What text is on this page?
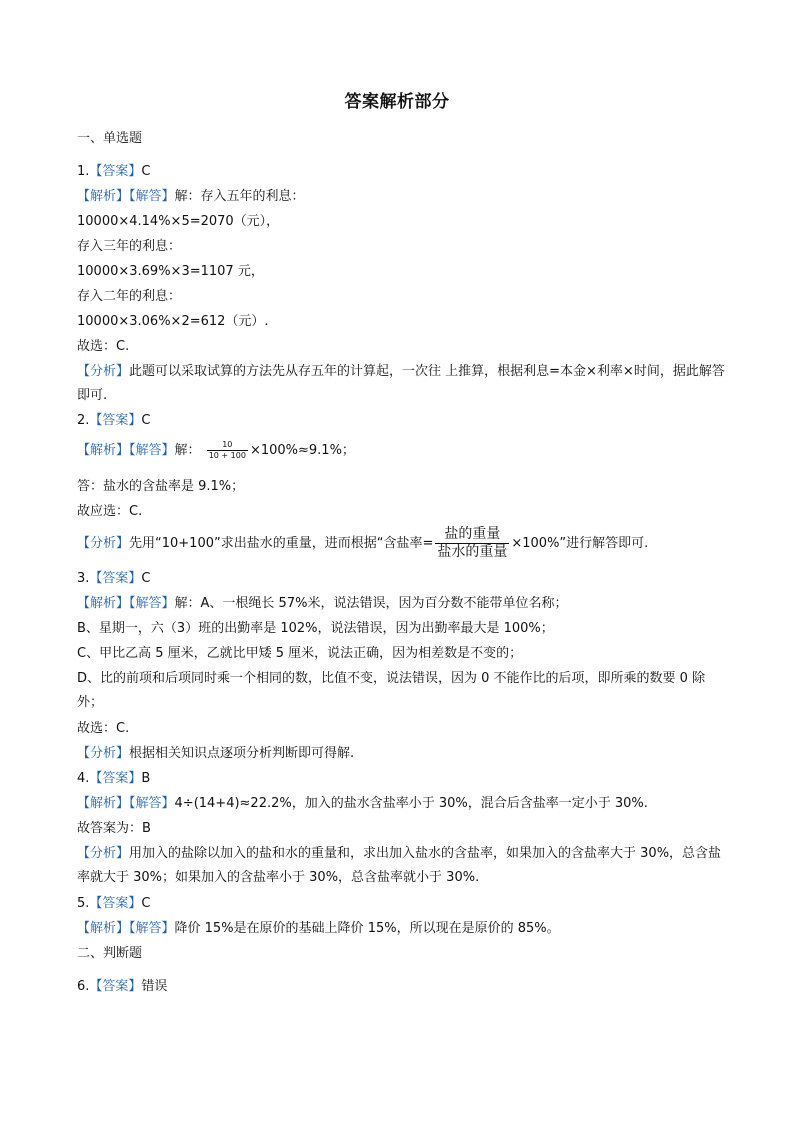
答案解析部分
一、单选题
1.【答案】C
【解析】【解答】解：存入五年的利息：
10000×4.14%×5=2070（元），
存入三年的利息：
10000×3.69%×3=1107 元，
存入二年的利息：
10000×3.06%×2=612（元）.
故选：C.
【分析】此题可以采取试算的方法先从存五年的计算起，一次往 上推算，根据利息=本金×利率×时间，据此解答即可.
2.【答案】C
【解析】【解答】解： $\frac{10}{10 + 100} \times 100\%\approx 9.1\%$；
答：盐水的含盐率是 9.1%；
故应选：C.
【分析】先用“10+100”求出盐水的重量，进而根据“含盐率= $\frac{\text{盐的重量}}{\text{盐水的重量}} \times 100\%$”进行解答即可.
3.【答案】C
【解析】【解答】解：A、一根绳长 57%米，说法错误，因为百分数不能带单位名称；
B、星期一，六（3）班的出勤率是 102%，说法错误，因为出勤率最大是 100%；
C、甲比乙高 5 厘米，乙就比甲矮 5 厘米，说法正确，因为相差数是不变的；
D、比的前项和后项同时乘一个相同的数，比值不变，说法错误，因为 0 不能作比的后项，即所乘的数要 0 除外；
故选：C.
【分析】根据相关知识点逐项分析判断即可得解.
4.【答案】B
【解析】【解答】4÷(14+4)≈22.2%，加入的盐水含盐率小于 30%，混合后含盐率一定小于 30%.
故答案为：B
【分析】用加入的盐除以加入的盐和水的重量和，求出加入盐水的含盐率，如果加入的含盐率大于 30%，总含盐率就大于 30%；如果加入的含盐率小于 30%，总含盐率就小于 30%.
5.【答案】C
【解析】【解答】降价 15%是在原价的基础上降价 15%，所以现在是原价的 85%。
二、判断题
6.【答案】错误
